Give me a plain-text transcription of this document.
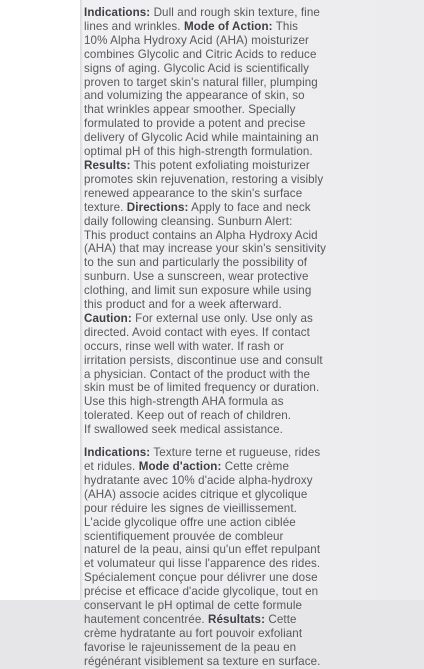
Indications: Dull and rough skin texture, fine
lines and wrinkles. Mode of Action: This
10% Alpha Hydroxy Acid (AHA) moisturizer
combines Glycolic and Citric Acids to reduce
signs of aging. Glycolic Acid is scientifically
proven to target skin's natural filler, plumping
and volumizing the appearance of skin, so
that wrinkles appear smoother. Specially
formulated to provide a potent and precise
delivery of Glycolic Acid while maintaining an
optimal pH of this high-strength formulation.
Results: This potent exfoliating moisturizer
promotes skin rejuvenation, restoring a visibly
renewed appearance to the skin's surface
texture. Directions: Apply to face and neck
daily following cleansing. Sunburn Alert:
This product contains an Alpha Hydroxy Acid
(AHA) that may increase your skin's sensitivity
to the sun and particularly the possibility of
sunburn. Use a sunscreen, wear protective
clothing, and limit sun exposure while using
this product and for a week afterward.
Caution: For external use only. Use only as
directed. Avoid contact with eyes. If contact
occurs, rinse well with water. If rash or
irritation persists, discontinue use and consult
a physician. Contact of the product with the
skin must be of limited frequency or duration.
Use this high-strength AHA formula as
tolerated. Keep out of reach of children.
If swallowed seek medical assistance.
Indications: Texture terne et rugueuse, rides
et ridules. Mode d'action: Cette crème
hydratante avec 10% d'acide alpha-hydroxy
(AHA) associe acides citrique et glycolique
pour réduire les signes de vieillissement.
L'acide glycolique offre une action ciblée
scientifiquement prouvée de combleur
naturel de la peau, ainsi qu'un effet repulpant
et volumateur qui lisse l'apparence des rides.
Spécialement conçue pour délivrer une dose
précise et efficace d'acide glycolique, tout en
conservant le pH optimal de cette formule
hautement concentrée. Résultats: Cette
crème hydratante au fort pouvoir exfoliant
favorise le rajeunissement de la peau en
régénérant visiblement sa texture en surface.
